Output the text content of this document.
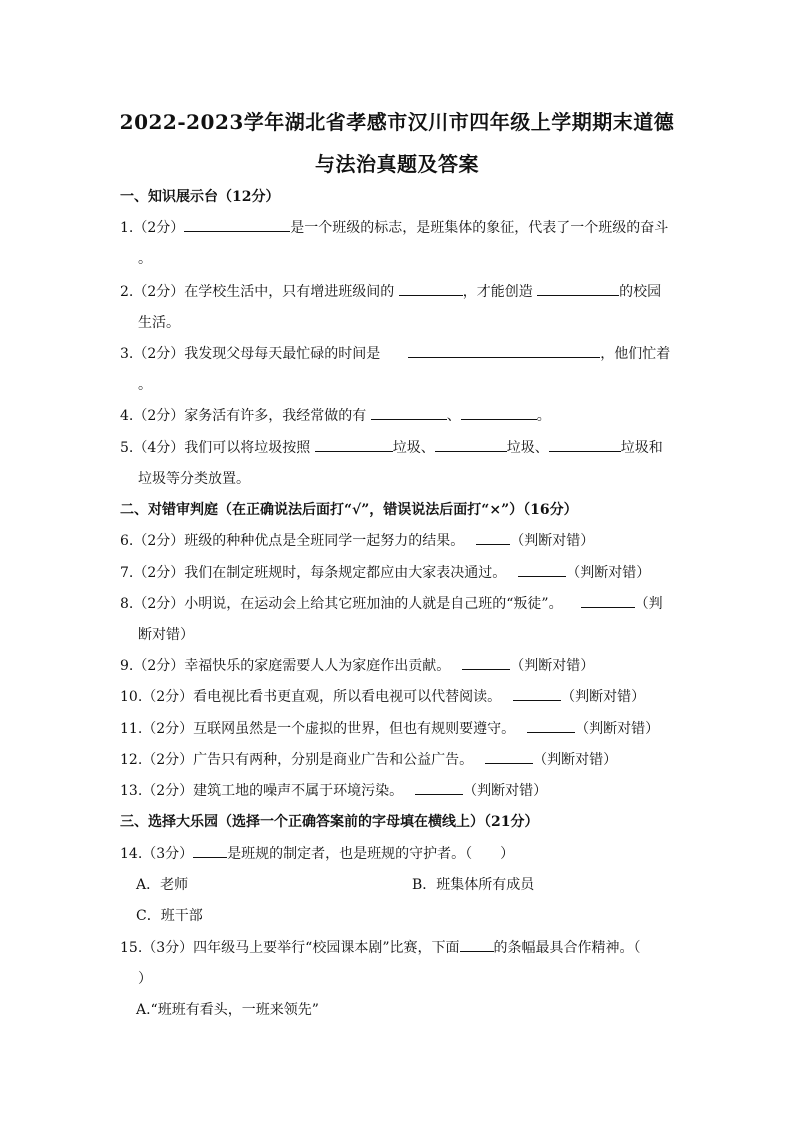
2022-2023学年湖北省孝感市汉川市四年级上学期期末道德
与法治真题及答案
一、知识展示台（12分）
1.（2分）	是一个班级的标志，是班集体的象征，代表了一个班级的奋斗
。
2.（2分）在学校生活中，只有增进班级间的	，才能创造	的校园
生活。
3.（2分）我发现父母每天最忙碌的时间是	，他们忙着
。
4.（2分）家务活有许多，我经常做的有	、	。
5.（4分）我们可以将垃圾按照	垃圾、	垃圾、	垃圾和
垃圾等分类放置。
二、对错审判庭（在正确说法后面打“√”，错误说法后面打“×”）（16分）
6.（2分）班级的种种优点是全班同学一起努力的结果。	（判断对错）
7.（2分）我们在制定班规时，每条规定都应由大家表决通过。	（判断对错）
8.（2分）小明说，在运动会上给其它班加油的人就是自己班的“叛徒”。	（判
断对错）
9.（2分）幸福快乐的家庭需要人人为家庭作出贡献。	（判断对错）
10.（2分）看电视比看书更直观，所以看电视可以代替阅读。	（判断对错）
11.（2分）互联网虽然是一个虚拟的世界，但也有规则要遵守。	（判断对错）
12.（2分）广告只有两种，分别是商业广告和公益广告。	（判断对错）
13.（2分）建筑工地的噪声不属于环境污染。	（判断对错）
三、选择大乐园（选择一个正确答案前的字母填在横线上）（21分）
14.（3分） 是班规的制定者，也是班规的守护者。（　　）
A．老师	B．班集体所有成员
C．班干部
15.（3分）四年级马上要举行“校园课本剧”比赛，下面 的条幅最具合作精神。（
）
A.“班班有看头，一班来领先”
